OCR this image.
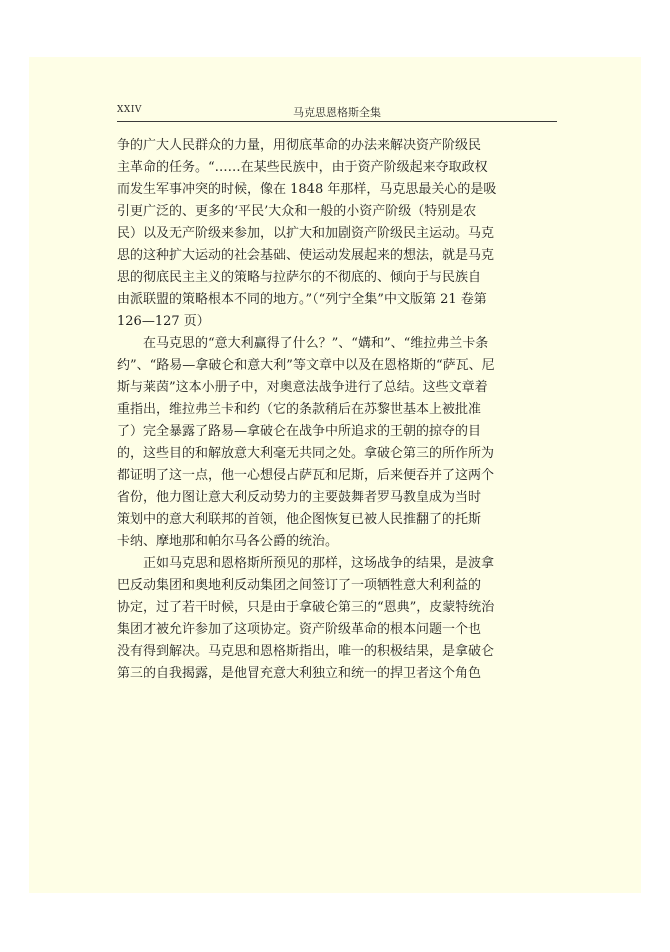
XXIV	马克思恩格斯全集
争的广大人民群众的力量，用彻底革命的办法来解决资产阶级民
主革命的任务。“……在某些民族中，由于资产阶级起来夺取政权
而发生军事冲突的时候，像在 1848 年那样，马克思最关心的是吸
引更广泛的、更多的‘平民’大众和一般的小资产阶级（特别是农
民）以及无产阶级来参加，以扩大和加剧资产阶级民主运动。马克
思的这种扩大运动的社会基础、使运动发展起来的想法，就是马克
思的彻底民主主义的策略与拉萨尔的不彻底的、倾向于与民族自
由派联盟的策略根本不同的地方。”（“列宁全集”中文版第 21 卷第
126—127 页）
在马克思的“意大利赢得了什么？”、“媾和”、“维拉弗兰卡条
约”、“路易—拿破仑和意大利”等文章中以及在恩格斯的“萨瓦、尼
斯与莱茵”这本小册子中，对奥意法战争进行了总结。这些文章着
重指出，维拉弗兰卡和约（它的条款稍后在苏黎世基本上被批准
了）完全暴露了路易—拿破仑在战争中所追求的王朝的掠夺的目
的，这些目的和解放意大利毫无共同之处。拿破仑第三的所作所为
都证明了这一点，他一心想侵占萨瓦和尼斯，后来便吞并了这两个
省份，他力图让意大利反动势力的主要鼓舞者罗马教皇成为当时
策划中的意大利联邦的首领，他企图恢复已被人民推翻了的托斯
卡纳、摩地那和帕尔马各公爵的统治。
正如马克思和恩格斯所预见的那样，这场战争的结果，是波拿
巴反动集团和奥地利反动集团之间签订了一项牺牲意大利利益的
协定，过了若干时候，只是由于拿破仑第三的“恩典”，皮蒙特统治
集团才被允许参加了这项协定。资产阶级革命的根本问题一个也
没有得到解决。马克思和恩格斯指出，唯一的积极结果，是拿破仑
第三的自我揭露，是他冒充意大利独立和统一的捍卫者这个角色
